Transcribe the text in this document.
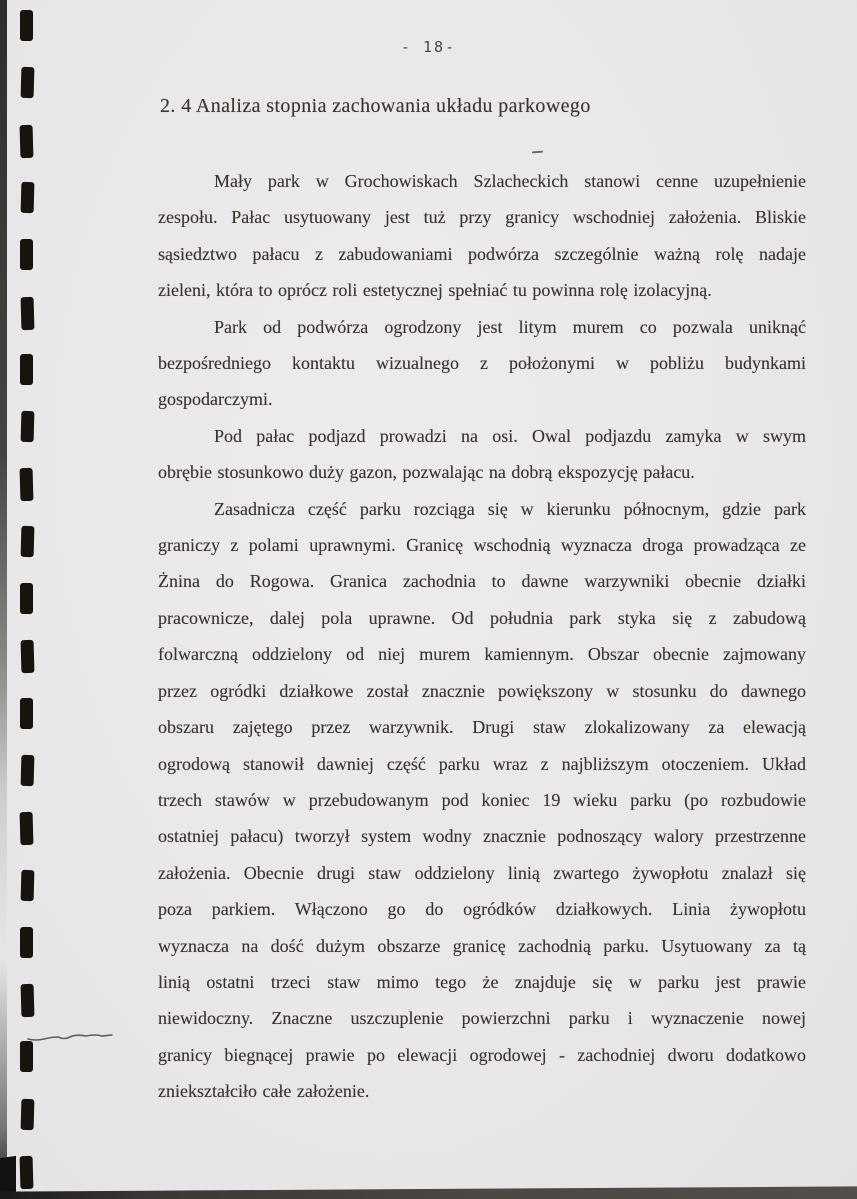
- 18-
2. 4 Analiza stopnia zachowania układu parkowego
Mały park w Grochowiskach Szlacheckich stanowi cenne uzupełnienie
zespołu. Pałac usytuowany jest tuż przy granicy wschodniej założenia. Bliskie
sąsiedztwo pałacu z zabudowaniami podwórza szczególnie ważną rolę nadaje
zieleni, która to oprócz roli estetycznej spełniać tu powinna rolę izolacyjną.
Park od podwórza ogrodzony jest litym murem co pozwala uniknąć
bezpośredniego kontaktu wizualnego z położonymi w pobliżu budynkami
gospodarczymi.
Pod pałac podjazd prowadzi na osi. Owal podjazdu zamyka w swym
obrębie stosunkowo duży gazon, pozwalając na dobrą ekspozycję pałacu.
Zasadnicza część parku rozciąga się w kierunku północnym, gdzie park
graniczy z polami uprawnymi. Granicę wschodnią wyznacza droga prowadząca ze
Żnina do Rogowa. Granica zachodnia to dawne warzywniki obecnie działki
pracownicze, dalej pola uprawne. Od południa park styka się z zabudową
folwarczną oddzielony od niej murem kamiennym. Obszar obecnie zajmowany
przez ogródki działkowe został znacznie powiększony w stosunku do dawnego
obszaru zajętego przez warzywnik. Drugi staw zlokalizowany za elewacją
ogrodową stanowił dawniej część parku wraz z najbliższym otoczeniem. Układ
trzech stawów w przebudowanym pod koniec 19 wieku parku (po rozbudowie
ostatniej pałacu) tworzył system wodny znacznie podnoszący walory przestrzenne
założenia. Obecnie drugi staw oddzielony linią zwartego żywopłotu znalazł się
poza parkiem. Włączono go do ogródków działkowych. Linia żywopłotu
wyznacza na dość dużym obszarze granicę zachodnią parku. Usytuowany za tą
linią ostatni trzeci staw mimo tego że znajduje się w parku jest prawie
niewidoczny. Znaczne uszczuplenie powierzchni parku i wyznaczenie nowej
granicy biegnącej prawie po elewacji ogrodowej - zachodniej dworu dodatkowo
zniekształciło całe założenie.
